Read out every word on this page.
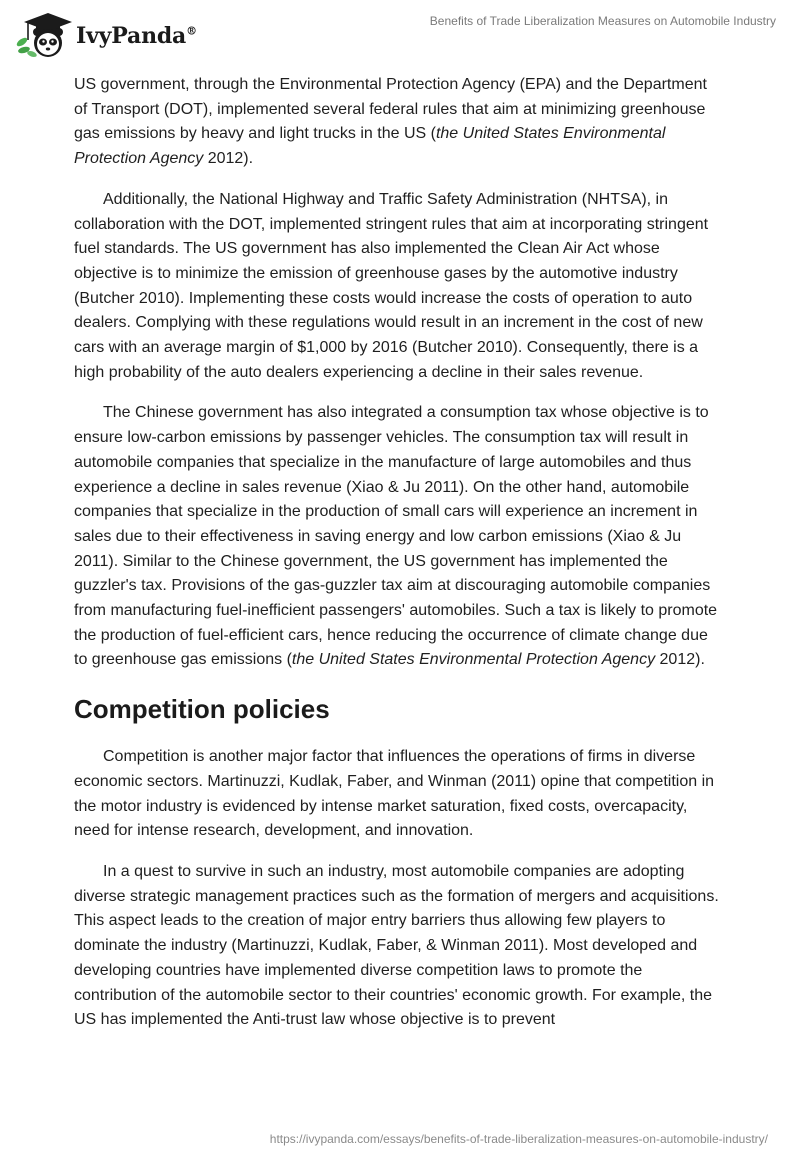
IvyPanda®
Benefits of Trade Liberalization Measures on Automobile Industry

US government, through the Environmental Protection Agency (EPA) and the Department of Transport (DOT), implemented several federal rules that aim at minimizing greenhouse gas emissions by heavy and light trucks in the US (the United States Environmental Protection Agency 2012).

Additionally, the National Highway and Traffic Safety Administration (NHTSA), in collaboration with the DOT, implemented stringent rules that aim at incorporating stringent fuel standards. The US government has also implemented the Clean Air Act whose objective is to minimize the emission of greenhouse gases by the automotive industry (Butcher 2010). Implementing these costs would increase the costs of operation to auto dealers. Complying with these regulations would result in an increment in the cost of new cars with an average margin of $1,000 by 2016 (Butcher 2010). Consequently, there is a high probability of the auto dealers experiencing a decline in their sales revenue.

The Chinese government has also integrated a consumption tax whose objective is to ensure low-carbon emissions by passenger vehicles. The consumption tax will result in automobile companies that specialize in the manufacture of large automobiles and thus experience a decline in sales revenue (Xiao & Ju 2011). On the other hand, automobile companies that specialize in the production of small cars will experience an increment in sales due to their effectiveness in saving energy and low carbon emissions (Xiao & Ju 2011). Similar to the Chinese government, the US government has implemented the guzzler's tax. Provisions of the gas-guzzler tax aim at discouraging automobile companies from manufacturing fuel-inefficient passengers' automobiles. Such a tax is likely to promote the production of fuel-efficient cars, hence reducing the occurrence of climate change due to greenhouse gas emissions (the United States Environmental Protection Agency 2012).

Competition policies

Competition is another major factor that influences the operations of firms in diverse economic sectors. Martinuzzi, Kudlak, Faber, and Winman (2011) opine that competition in the motor industry is evidenced by intense market saturation, fixed costs, overcapacity, need for intense research, development, and innovation.

In a quest to survive in such an industry, most automobile companies are adopting diverse strategic management practices such as the formation of mergers and acquisitions. This aspect leads to the creation of major entry barriers thus allowing few players to dominate the industry (Martinuzzi, Kudlak, Faber, & Winman 2011). Most developed and developing countries have implemented diverse competition laws to promote the contribution of the automobile sector to their countries' economic growth. For example, the US has implemented the Anti-trust law whose objective is to prevent

https://ivypanda.com/essays/benefits-of-trade-liberalization-measures-on-automobile-industry/
